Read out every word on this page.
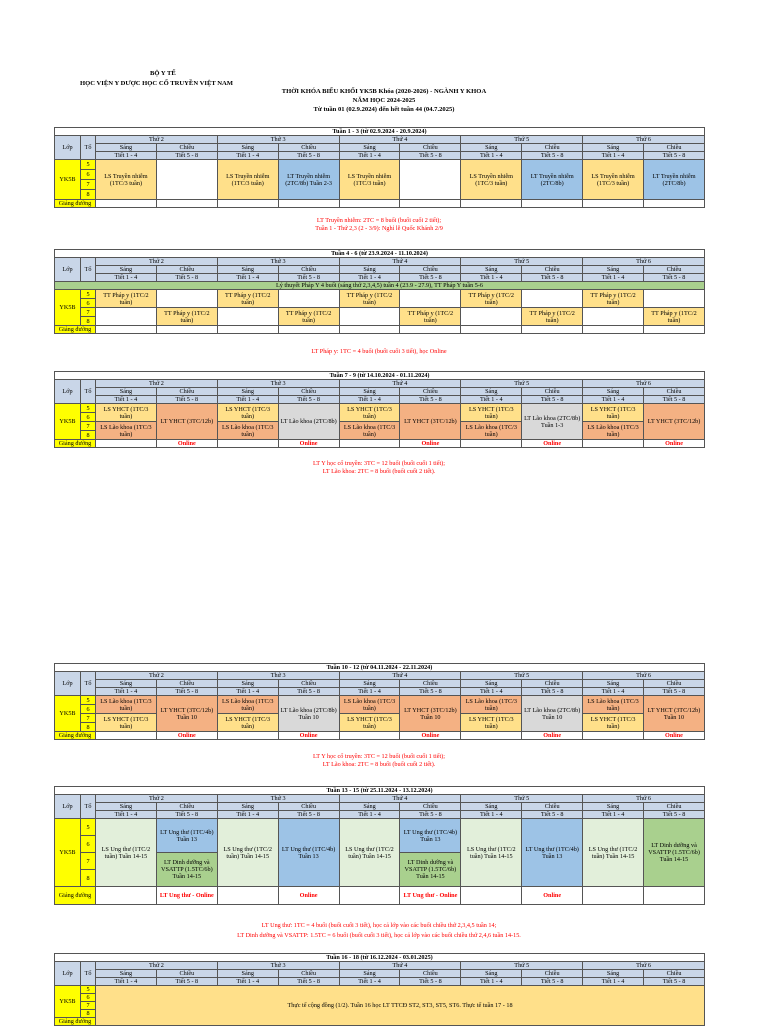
BỘ Y TẾ
HỌC VIỆN Y DƯỢC HỌC CỔ TRUYỀN VIỆT NAM
THỜI KHÓA BIỂU KHỐI YK5B Khóa (2020-2026) - NGÀNH Y KHOA
NĂM HỌC 2024-2025
Từ tuần 01 (02.9.2024) đến hết tuần 44 (04.7.2025)
Tuần 1 - 3 (từ 02.9.2024 - 20.9.2024)											
Lớp	Tổ	Thứ 2		Thứ 3		Thứ 4		Thứ 5		Thứ 6	
		Sáng	Chiều	Sáng	Chiều	Sáng	Chiều	Sáng	Chiều	Sáng	Chiều
		Tiết 1 - 4	Tiết 5 - 8	Tiết 1 - 4	Tiết 5 - 8	Tiết 1 - 4	Tiết 5 - 8	Tiết 1 - 4	Tiết 5 - 8	Tiết 1 - 4	Tiết 5 - 8
YK5B	5	LS Truyền nhiễm (1TC/3 tuần)		LS Truyền nhiễm (1TC/3 tuần)	LT Truyền nhiễm (2TC/8b) Tuần 2-3	LS Truyền nhiễm (1TC/3 tuần)		LS Truyền nhiễm (1TC/3 tuần)	LT Truyền nhiễm (2TC/8b)	LS Truyền nhiễm (1TC/3 tuần)	LT Truyền nhiễm (2TC/8b)
	6										
	7										
	8										
Giảng đường											
LT Truyền nhiễm: 2TC = 8 buổi (buổi cuối 2 tiết);
Tuần 1 - Thứ 2,3 (2 - 3/9): Nghỉ lễ Quốc Khánh 2/9
Tuần 4 - 6 (từ 23.9.2024 - 11.10.2024)											
Lớp	Tổ	Thứ 2		Thứ 3		Thứ 4		Thứ 5		Thứ 6	
		Sáng	Chiều	Sáng	Chiều	Sáng	Chiều	Sáng	Chiều	Sáng	Chiều
		Tiết 1 - 4	Tiết 5 - 8	Tiết 1 - 4	Tiết 5 - 8	Tiết 1 - 4	Tiết 5 - 8	Tiết 1 - 4	Tiết 5 - 8	Tiết 1 - 4	Tiết 5 - 8
Lý thuyết Pháp Y 4 buổi (sáng thứ 2,3,4,5) tuần 4 (23.9 - 27.9), TT Pháp Y tuần 5-6											
YK5B	5	TT Pháp y (1TC/2 tuần)		TT Pháp y (1TC/2 tuần)		TT Pháp y (1TC/2 tuần)		TT Pháp y (1TC/2 tuần)		TT Pháp y (1TC/2 tuần)	
	6										
	7		TT Pháp y (1TC/2 tuần)		TT Pháp y (1TC/2 tuần)		TT Pháp y (1TC/2 tuần)		TT Pháp y (1TC/2 tuần)		TT Pháp y (1TC/2 tuần)
	8										
Giảng đường											
LT Pháp y: 1TC = 4 buổi (buổi cuối 3 tiết), học Online
Tuần 7 - 9 (từ 14.10.2024 - 01.11.2024)											
Lớp	Tổ	Thứ 2		Thứ 3		Thứ 4		Thứ 5		Thứ 6	
		Sáng	Chiều	Sáng	Chiều	Sáng	Chiều	Sáng	Chiều	Sáng	Chiều
		Tiết 1 - 4	Tiết 5 - 8	Tiết 1 - 4	Tiết 5 - 8	Tiết 1 - 4	Tiết 5 - 8	Tiết 1 - 4	Tiết 5 - 8	Tiết 1 - 4	Tiết 5 - 8
YK5B	5	LS YHCT (1TC/3 tuần)	LT YHCT (3TC/12b)	LS YHCT (1TC/3 tuần)	LT Lão khoa (2TC/8b)	LS YHCT (1TC/3 tuần)	LT YHCT (3TC/12b)	LS YHCT (1TC/3 tuần)	LT Lão khoa (2TC/8b) Tuần 1-3	LS YHCT (1TC/3 tuần)	LT YHCT (3TC/12b)
	6										
	7	LS Lão khoa (1TC/3 tuần)		LS Lão khoa (1TC/3 tuần)		LS Lão khoa (1TC/3 tuần)		LS Lão khoa (1TC/3 tuần)		LS Lão khoa (1TC/3 tuần)	
	8										
Giảng đường			Online		Online		Online		Online		Online
LT Y học cổ truyền: 3TC = 12 buổi (buổi cuối 1 tiết);
LT Lão khoa: 2TC = 8 buổi (buổi cuối 2 tiết).
Tuần 10 - 12 (từ 04.11.2024 - 22.11.2024)											
Lớp	Tổ	Thứ 2		Thứ 3		Thứ 4		Thứ 5		Thứ 6	
		Sáng	Chiều	Sáng	Chiều	Sáng	Chiều	Sáng	Chiều	Sáng	Chiều
		Tiết 1 - 4	Tiết 5 - 8	Tiết 1 - 4	Tiết 5 - 8	Tiết 1 - 4	Tiết 5 - 8	Tiết 1 - 4	Tiết 5 - 8	Tiết 1 - 4	Tiết 5 - 8
YK5B	5	LS Lão khoa (1TC/3 tuần)	LT YHCT (3TC/12b) Tuần 10	LS Lão khoa (1TC/3 tuần)	LT Lão khoa (2TC/8b) Tuần 10	LS Lão khoa (1TC/3 tuần)	LT YHCT (3TC/12b) Tuần 10	LS Lão khoa (1TC/3 tuần)	LT Lão khoa (2TC/8b) Tuần 10	LS Lão khoa (1TC/3 tuần)	LT YHCT (3TC/12b) Tuần 10
	6										
	7	LS YHCT (1TC/3 tuần)		LS YHCT (1TC/3 tuần)		LS YHCT (1TC/3 tuần)		LS YHCT (1TC/3 tuần)		LS YHCT (1TC/3 tuần)	
	8										
Giảng đường			Online		Online		Online		Online		Online
LT Y học cổ truyền: 3TC = 12 buổi (buổi cuối 1 tiết);
LT Lão khoa: 2TC = 8 buổi (buổi cuối 2 tiết).
Tuần 13 - 15 (từ 25.11.2024 - 13.12.2024)											
Lớp	Tổ	Thứ 2		Thứ 3		Thứ 4		Thứ 5		Thứ 6	
		Sáng	Chiều	Sáng	Chiều	Sáng	Chiều	Sáng	Chiều	Sáng	Chiều
		Tiết 1 - 4	Tiết 5 - 8	Tiết 1 - 4	Tiết 5 - 8	Tiết 1 - 4	Tiết 5 - 8	Tiết 1 - 4	Tiết 5 - 8	Tiết 1 - 4	Tiết 5 - 8
YK5B	5	LS Ung thư (1TC/2 tuần) Tuần 14-15	LT Ung thư (1TC/4b) Tuần 13	LS Ung thư (1TC/2 tuần) Tuần 14-15	LT Ung thư (1TC/4b) Tuần 13	LS Ung thư (1TC/2 tuần) Tuần 14-15	LT Ung thư (1TC/4b) Tuần 13	LS Ung thư (1TC/2 tuần) Tuần 14-15	LT Ung thư (1TC/4b) Tuần 13	LS Ung thư (1TC/2 tuần) Tuần 14-15	LT Dinh dưỡng và VSATTP (1.5TC/6b) Tuần 14-15
	6										
	7		LT Dinh dưỡng và VSATTP (1.5TC/6b) Tuần 14-15				LT Dinh dưỡng và VSATTP (1.5TC/6b) Tuần 14-15				
	8										
Giảng đường			LT Ung thư - Online		Online		LT Ung thư - Online		Online		
LT Ung thư: 1TC = 4 buổi (buổi cuối 3 tiết), học cả lớp vào các buổi chiều thứ 2,3,4,5 tuần 14;
LT Dinh dưỡng và VSATTP: 1.5TC = 6 buổi (buổi cuối 3 tiết), học cả lớp vào các buổi chiều thứ 2,4,6 tuần 14-15.
Tuần 16 - 18 (từ 16.12.2024 - 03.01.2025)											
Lớp	Tổ	Thứ 2		Thứ 3		Thứ 4		Thứ 5		Thứ 6	
		Sáng	Chiều	Sáng	Chiều	Sáng	Chiều	Sáng	Chiều	Sáng	Chiều
		Tiết 1 - 4	Tiết 5 - 8	Tiết 1 - 4	Tiết 5 - 8	Tiết 1 - 4	Tiết 5 - 8	Tiết 1 - 4	Tiết 5 - 8	Tiết 1 - 4	Tiết 5 - 8
YK5B	5	Thực tế cộng đồng (1/2). Tuần 16 học LT TTCĐ ST2, ST3, ST5, ST6. Thực tế tuần 17 - 18									
	6										
	7										
	8										
Giảng đường											
